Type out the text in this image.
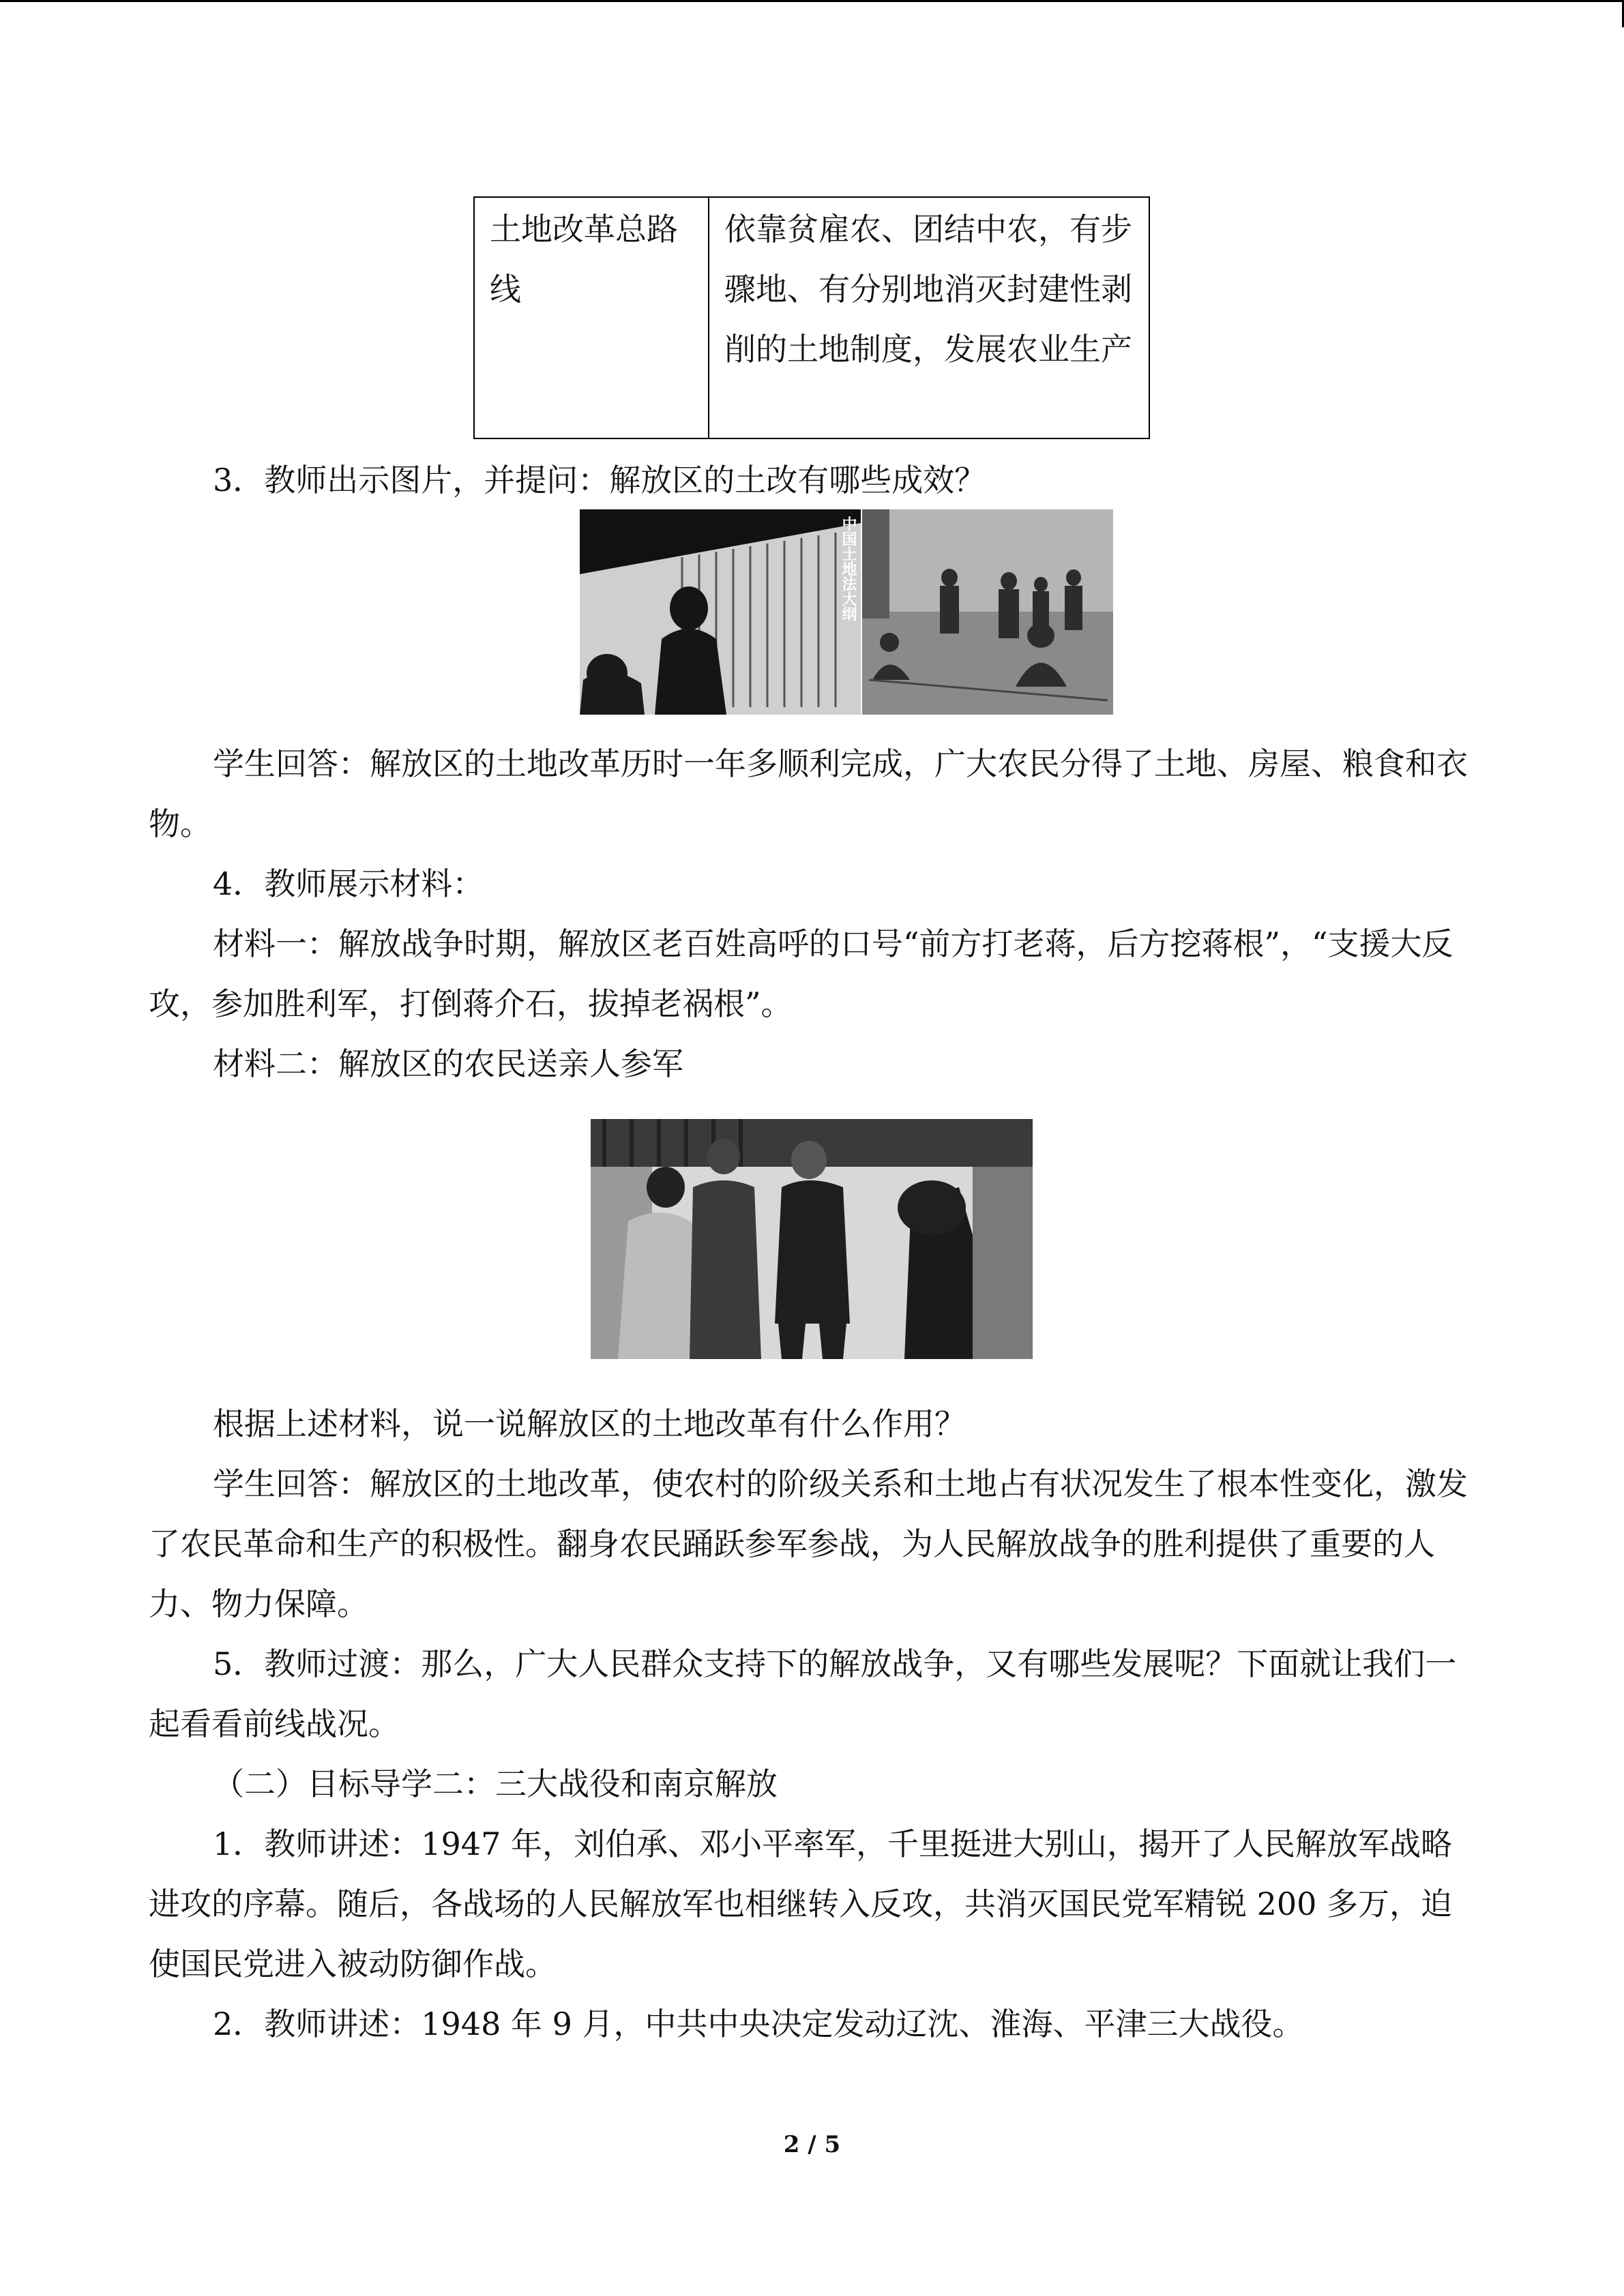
土地改革总路线	依靠贫雇农、团结中农，有步骤地、有分别地消灭封建性剥削的土地制度，发展农业生产

3．教师出示图片，并提问：解放区的土改有哪些成效？

中国土地法大纲

学生回答：解放区的土地改革历时一年多顺利完成，广大农民分得了土地、房屋、粮食和衣物。

4．教师展示材料：

材料一：解放战争时期，解放区老百姓高呼的口号“前方打老蒋，后方挖蒋根”，“支援大反攻，参加胜利军，打倒蒋介石，拔掉老祸根”。

材料二：解放区的农民送亲人参军

根据上述材料，说一说解放区的土地改革有什么作用？

学生回答：解放区的土地改革，使农村的阶级关系和土地占有状况发生了根本性变化，激发了农民革命和生产的积极性。翻身农民踊跃参军参战，为人民解放战争的胜利提供了重要的人力、物力保障。

5．教师过渡：那么，广大人民群众支持下的解放战争，又有哪些发展呢？下面就让我们一起看看前线战况。

（二）目标导学二：三大战役和南京解放

1．教师讲述：1947 年，刘伯承、邓小平率军，千里挺进大别山，揭开了人民解放军战略进攻的序幕。随后，各战场的人民解放军也相继转入反攻，共消灭国民党军精锐 200 多万，迫使国民党进入被动防御作战。

2．教师讲述：1948 年 9 月，中共中央决定发动辽沈、淮海、平津三大战役。

2 / 5
